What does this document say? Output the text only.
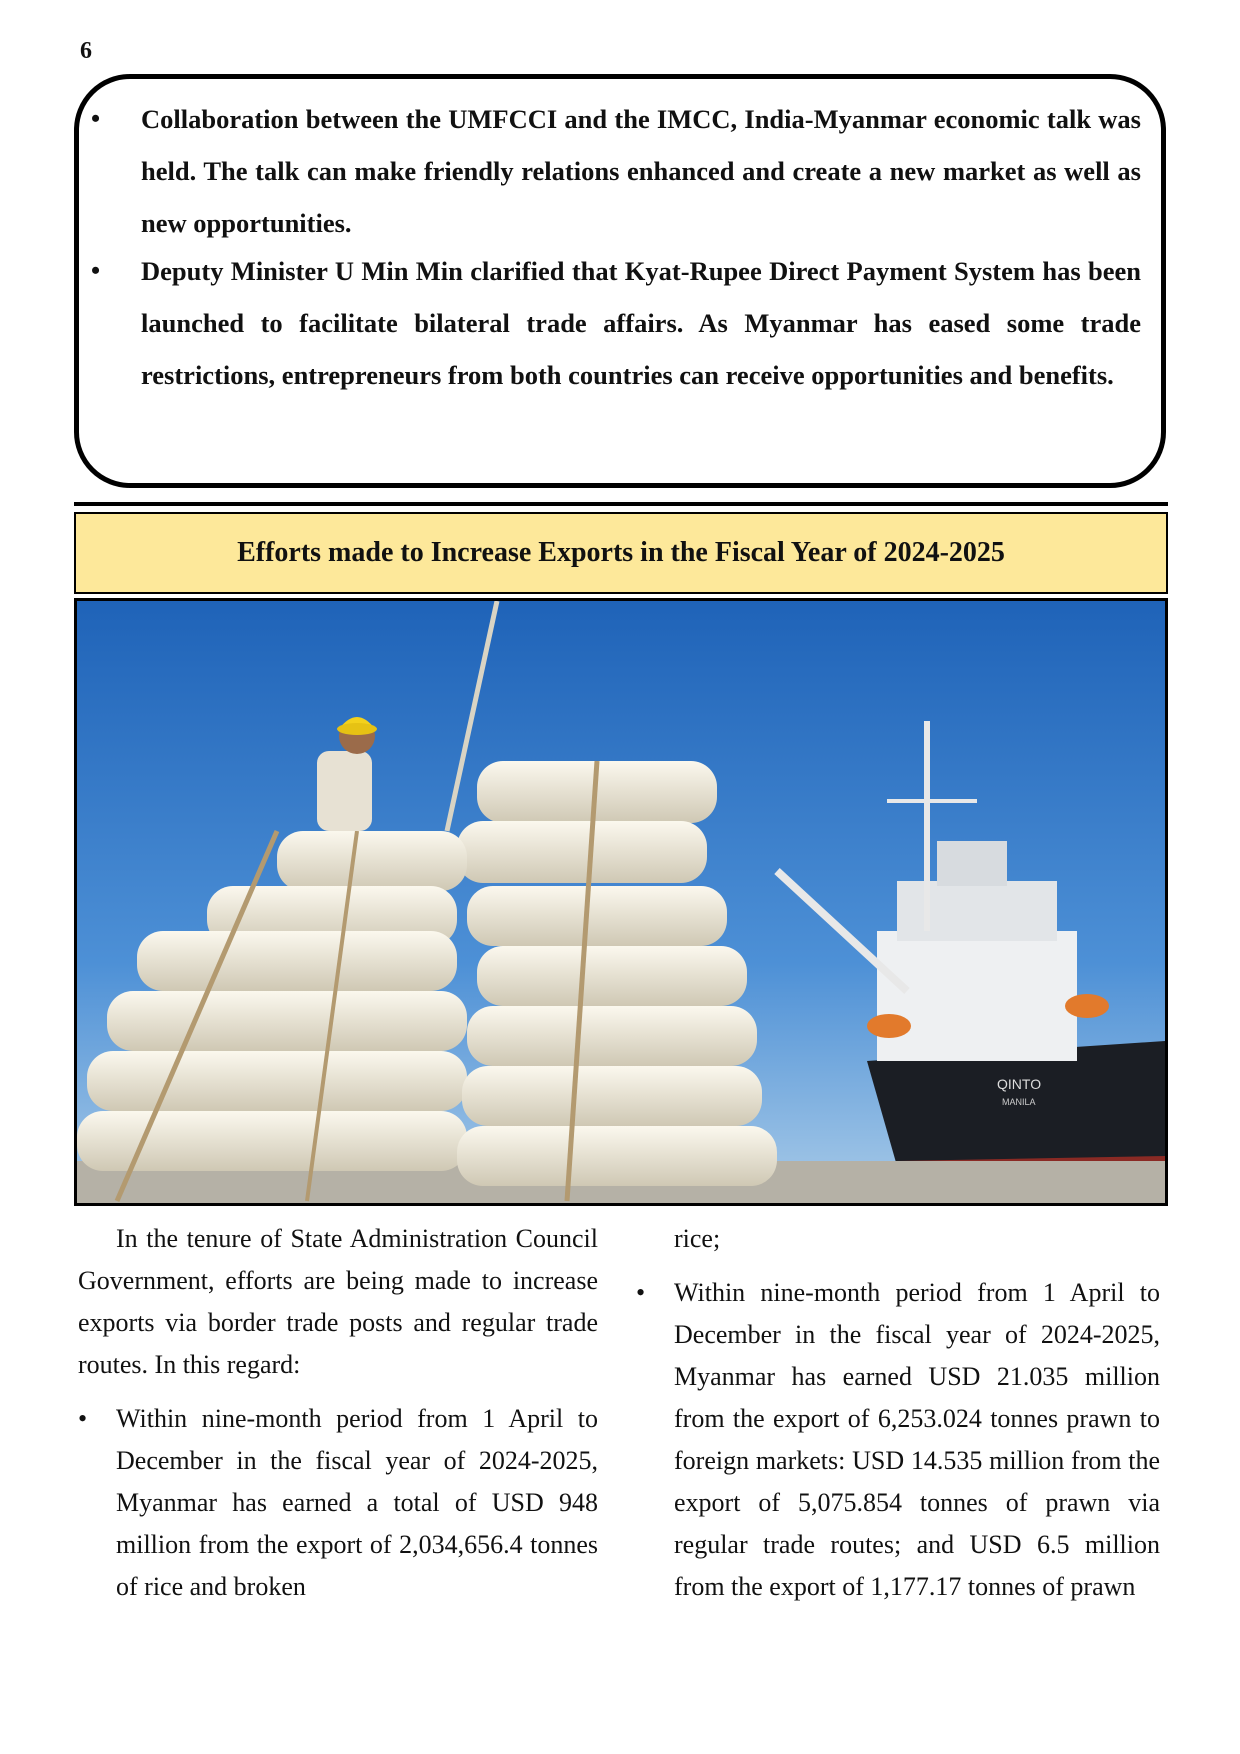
6
• Collaboration between the UMFCCI and the IMCC, India-Myanmar economic talk was held. The talk can make friendly relations enhanced and create a new market as well as new opportunities.
• Deputy Minister U Min Min clarified that Kyat-Rupee Direct Payment System has been launched to facilitate bilateral trade affairs. As Myanmar has eased some trade restrictions, entrepreneurs from both countries can receive opportunities and benefits.
Efforts made to Increase Exports in the Fiscal Year of 2024-2025
QINTO
MANILA

In the tenure of State Administration Council Government, efforts are being made to increase exports via border trade posts and regular trade routes. In this regard:

• Within nine-month period from 1 April to December in the fiscal year of 2024-2025, Myanmar has earned a total of USD 948 million from the export of 2,034,656.4 tonnes of rice and broken

rice;

• Within nine-month period from 1 April to December in the fiscal year of 2024-2025, Myanmar has earned USD 21.035 million from the export of 6,253.024 tonnes prawn to foreign markets: USD 14.535 million from the export of 5,075.854 tonnes of prawn via regular trade routes; and USD 6.5 million from the export of 1,177.17 tonnes of prawn
